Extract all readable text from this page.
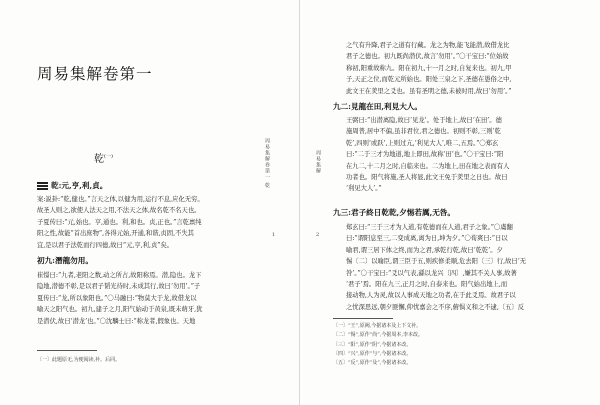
周易集解卷第一
周易集解卷第一 乾
1
乾$^{(一)}$
乾:元,亨,利,貞。

案:説卦:“乾,健也。”言天之体,以健为用,运行不息,应化无穷。

故圣人则之,欲使人法天之用,不法天之体,故名乾不名天也。

子夏传曰:“元,始也。亨,通也。利,和也。贞,正也。”言乾禀纯

阳之性,故能“首出庶物”,各得元始,开通,和谐,贞固,不失其

宜,是以君子法乾而行四德,故曰“元,亨,利,贞”矣。

初九:潛龍勿用。

崔憬曰:“九者,老阳之数,动之所占,故阳称焉。潜,隐也。龙下

隐地,潜德不彰,是以君子韬光待时,未成其行,故曰‘勿用’。”子

夏传曰:“龙,所以象阳也。”〇马融曰:“物莫大于龙,故借龙以

喻天之阳气也。初九,建子之月,阳气始动于黄泉,既未萌牙,犹

是潜伏,故曰‘潜龙’也。”〇沈驎士曰:“称龙者,假象也。天地

〔一〕此题原无,为便阅读,补。后同。

周易集解
2

之气有升降,君子之道有行藏。龙之为物,能飞能潜,故借龙比

君子之德也。初九既尚潜伏,故言‘勿用’。”〇干宝曰:“位始故

称初,阳重故称九。阳在初九,十一月之时,自复来也。初九,甲

子,天正之位,而乾元所始也。阳处三泉之下,圣德在愚俗之中,

此文王在羑里之爻也。虽有圣明之德,未被时用,故曰‘勿用’。”

九二:見龍在田,利見大人。

王弼曰:“出潜离隐,故曰‘见龙’。处于地上,故曰‘在田’。德

施周普,居中不偏,虽非君位,君之德也。初则不彰,三则‘乾

乾’,四则‘或跃’,上则过亢,‘利见大人’,唯二,五焉。”〇郑玄

曰:“二于三才为地道,地上即田,故称‘田’也。”〇干宝曰:“阳

在九二,十二月之时,自临来也。二为地上,田在地之表而有人

功者也。阳气将施,圣人将显,此文王免于羑里之日也。故曰

‘利见大人’。”

九三:君子終日乾乾,夕惕若厲,无咎。

郑玄曰:“三于三才为人道,有乾德而在人道,君子之象。”〇虞翻

曰:“谓阳息至三,二变成离,离为日,坤为夕。”〇荀爽曰:“日以

喻君,谓三居下体之终,而为之君,承乾行乾,故曰‘乾乾’。夕

惕〔二〕以喻臣,谓三臣于五,则疾修柔顺,危去阳〔三〕行,故曰‘无

咎’。”〇干宝曰:“爻以气表,繇以龙兴〔四〕,嫌其不关人事,故著

‘君子’焉。阳在九三,正月之时,自泰来也。阳气始出地上,而

接动物,人为灵,故以人事成天地之功者,在于此爻焉。故君子以

之忧深思远,朝夕匪懈,仰忧嘉会之不序,俯惧义和之不逮,〔五〕反

〔一〕“王”,原阙,今据诸本及上下文补。

〔二〕“惕”,原作“尚”,今据周本,李本改。

〔三〕“阳”,原作“阴”,今据诸本改。

〔四〕“兴”,原作“与”,今据诸本改。

〔五〕“反”,原作“及”,今据诸本改。
